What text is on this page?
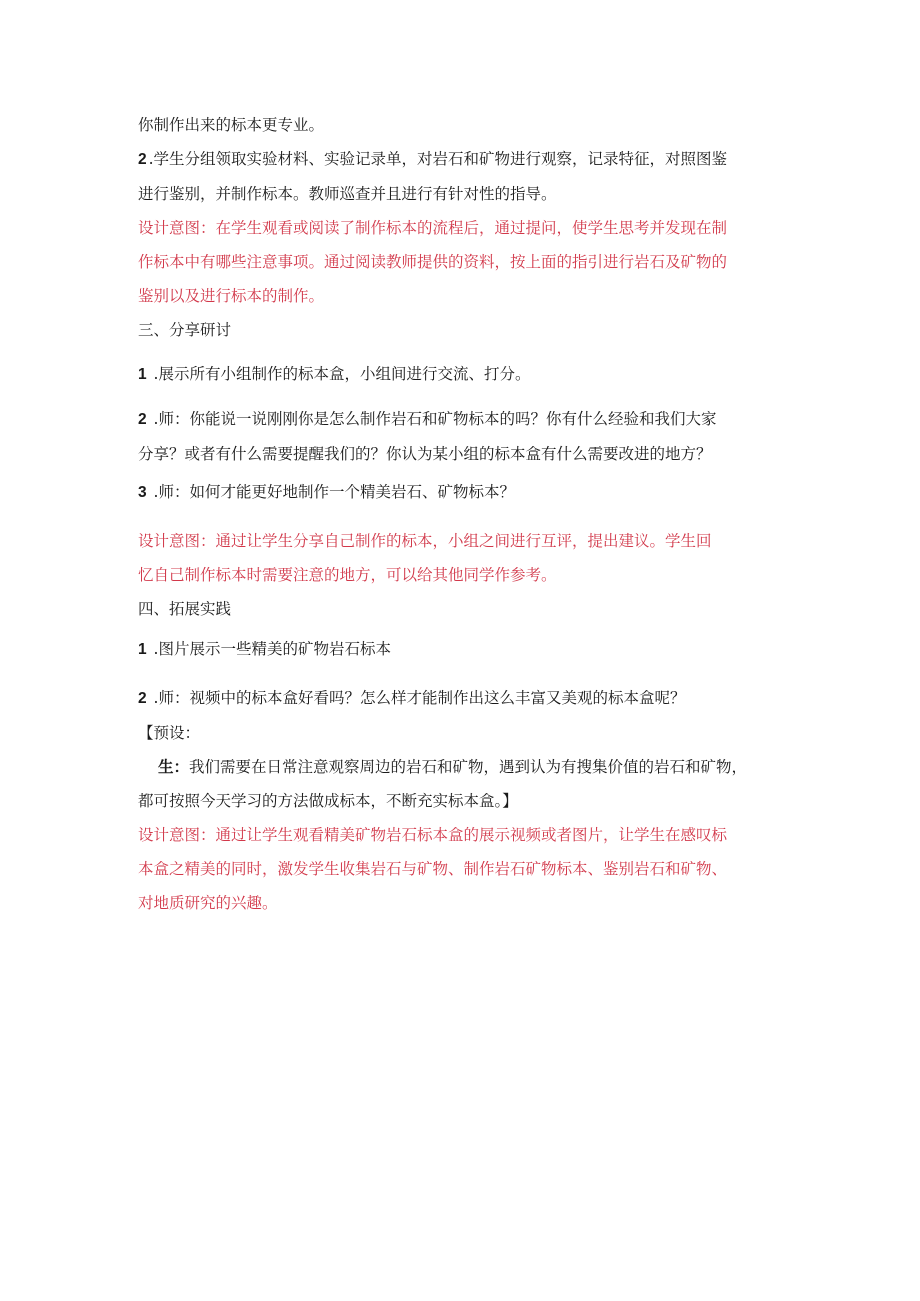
你制作出来的标本更专业。
2 .学生分组领取实验材料、实验记录单，对岩石和矿物进行观察，记录特征，对照图鉴
进行鉴别，并制作标本。教师巡查并且进行有针对性的指导。
设计意图：在学生观看或阅读了制作标本的流程后，通过提问，使学生思考并发现在制
作标本中有哪些注意事项。通过阅读教师提供的资料，按上面的指引进行岩石及矿物的
鉴别以及进行标本的制作。
三、分享研讨
1 .展示所有小组制作的标本盒，小组间进行交流、打分。
2 .师：你能说一说刚刚你是怎么制作岩石和矿物标本的吗？你有什么经验和我们大家
分享？或者有什么需要提醒我们的？你认为某小组的标本盒有什么需要改进的地方？
3 .师：如何才能更好地制作一个精美岩石、矿物标本？
设计意图：通过让学生分享自己制作的标本，小组之间进行互评，提出建议。学生回
忆自己制作标本时需要注意的地方，可以给其他同学作参考。
四、拓展实践
1 .图片展示一些精美的矿物岩石标本
2 .师：视频中的标本盒好看吗？怎么样才能制作出这么丰富又美观的标本盒呢？
【预设：
生：我们需要在日常注意观察周边的岩石和矿物，遇到认为有搜集价值的岩石和矿物，
都可按照今天学习的方法做成标本，不断充实标本盒。】
设计意图：通过让学生观看精美矿物岩石标本盒的展示视频或者图片，让学生在感叹标
本盒之精美的同时，激发学生收集岩石与矿物、制作岩石矿物标本、鉴别岩石和矿物、
对地质研究的兴趣。
